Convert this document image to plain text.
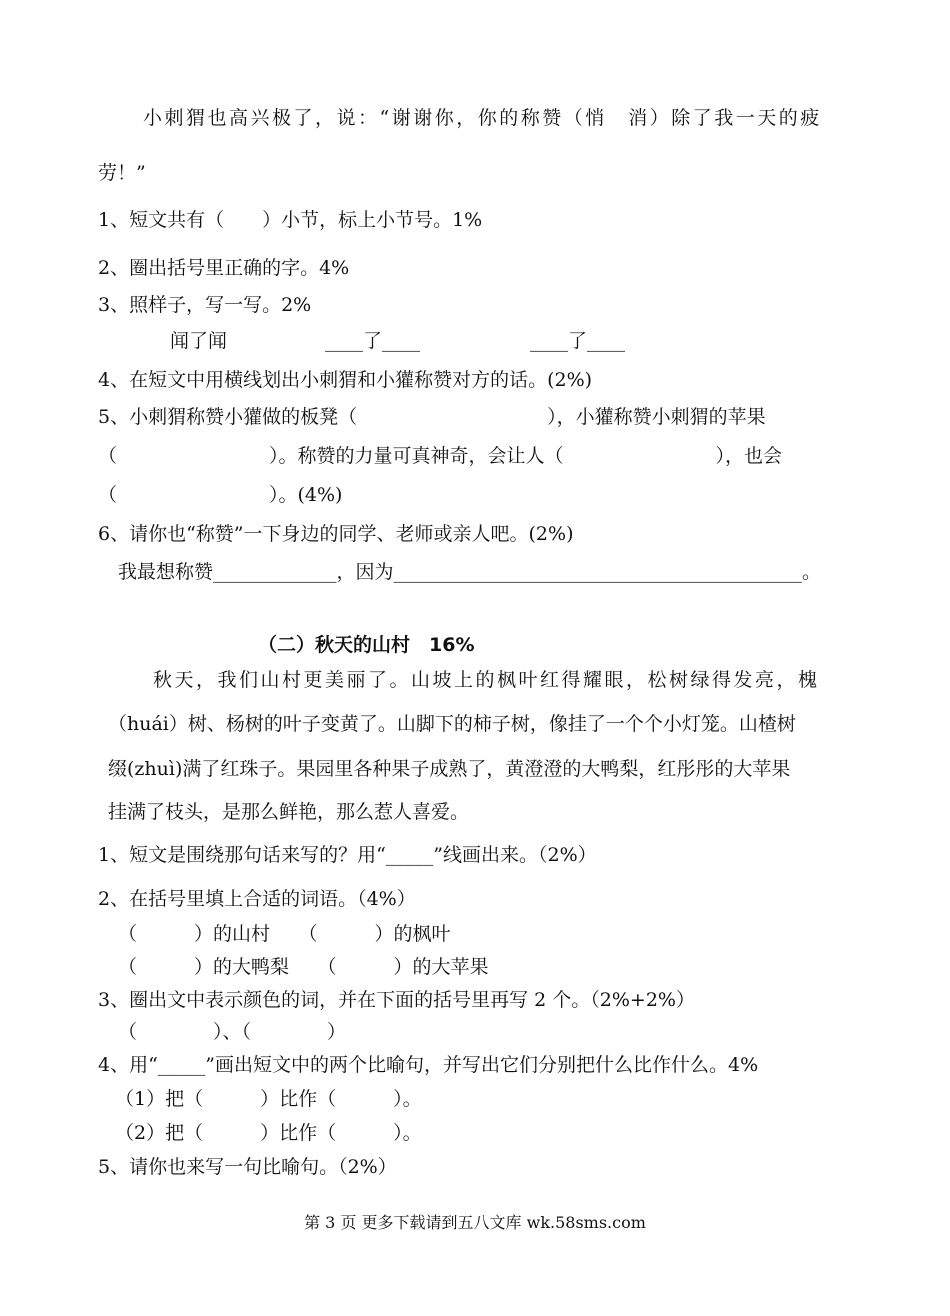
小刺猬也高兴极了，说：“谢谢你，你的称赞（悄　消）除了我一天的疲
劳！”
1、短文共有（　　）小节，标上小节号。1%
2、圈出括号里正确的字。4%
3、照样子，写一写。2%
闻了闻	____了____	____了____
4、在短文中用横线划出小刺猬和小獾称赞对方的话。(2%)
5、小刺猬称赞小獾做的板凳（　　　　　　　　　　），小獾称赞小刺猬的苹果
（　　　　　　　　）。称赞的力量可真神奇，会让人（　　　　　　　　），也会
（　　　　　　　　）。(4%)
6、请你也“称赞”一下身边的同学、老师或亲人吧。(2%)
我最想称赞_____________，因为___________________________________________。
（二）秋天的山村　16%
秋天，我们山村更美丽了。山坡上的枫叶红得耀眼，松树绿得发亮，槐
（huái）树、杨树的叶子变黄了。山脚下的柿子树，像挂了一个个小灯笼。山楂树
缀(zhuì)满了红珠子。果园里各种果子成熟了，黄澄澄的大鸭梨，红彤彤的大苹果
挂满了枝头，是那么鲜艳，那么惹人喜爱。
1、短文是围绕那句话来写的？用“_____”线画出来。（2%）
2、在括号里填上合适的词语。（4%）
（　　　）的山村　　（　　　）的枫叶
（　　　）的大鸭梨　　（　　　）的大苹果
3、圈出文中表示颜色的词，并在下面的括号里再写 2 个。（2%+2%）
（　　　　）、（　　　　）
4、用“_____”画出短文中的两个比喻句，并写出它们分别把什么比作什么。4%
（1）把（　　　）比作（　　　）。
（2）把（　　　）比作（　　　）。
5、请你也来写一句比喻句。（2%）
第 3 页 更多下载请到五八文库 wk.58sms.com
